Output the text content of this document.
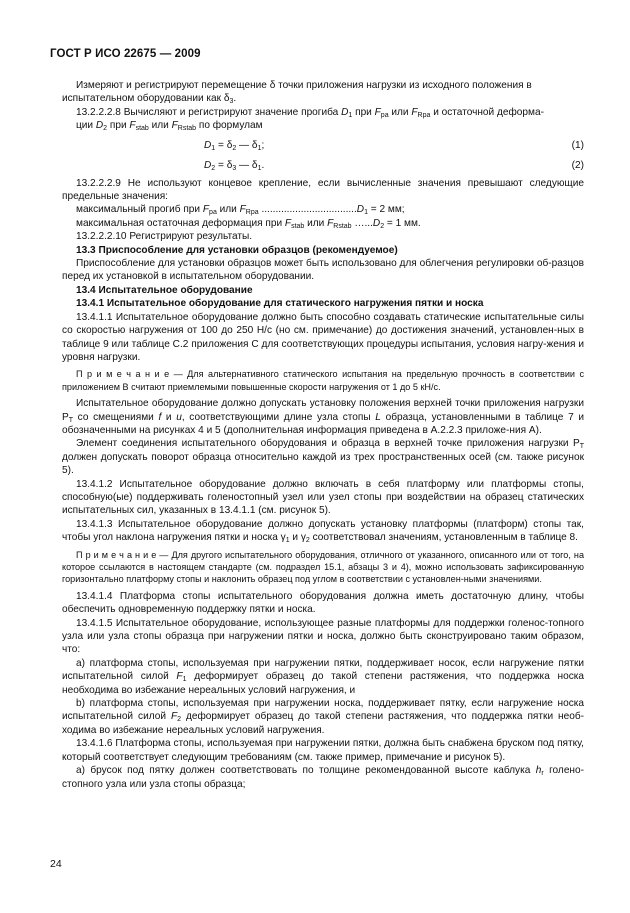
ГОСТ Р ИСО 22675 — 2009

Измеряют и регистрируют перемещение δ точки приложения нагрузки из исходного положения в

испытательном оборудовании как $\delta_3$.

13.2.2.2.8 Вычисляют и регистрируют значение прогиба $D_1$ при $F_{pa}$ или $F_{Rpa}$ и остаточной деформа-

ции $D_2$ при $F_{stab}$ или $F_{Rstab}$ по формулам

$D_1 = \delta_2$ — $\delta_1$;	(1)
$D_2 = \delta_3$ — $\delta_1$.	(2)

13.2.2.2.9 Не используют концевое крепление, если вычисленные значения превышают следующие предельные значения:

максимальный прогиб при $F_{pa}$ или $F_{Rpa}$ $..................................D_1 = 2$ мм;

максимальная остаточная деформация при $F_{stab}$ или $F_{Rstab}$ $\dots...D_2 = 1$ мм.

13.2.2.2.10 Регистрируют результаты.

13.3 Приспособление для установки образцов (рекомендуемое)

Приспособление для установки образцов может быть использовано для облегчения регулировки об-разцов перед их установкой в испытательном оборудовании.

13.4 Испытательное оборудование

13.4.1 Испытательное оборудование для статического нагружения пятки и носка

13.4.1.1 Испытательное оборудование должно быть способно создавать статические испытательные силы со скоростью нагружения от 100 до 250 Н/с (но см. примечание) до достижения значений, установлен-ных в таблице 9 или таблице С.2 приложения С для соответствующих процедуры испытания, условия нагру-жения и уровня нагрузки.

П р и м е ч а н и е — Для альтернативного статического испытания на предельную прочность в соответствии с приложением В считают приемлемыми повышенные скорости нагружения от 1 до 5 кН/с.

Испытательное оборудование должно допускать установку положения верхней точки приложения нагрузки $Р_T$ со смещениями f и u, соответствующими длине узла стопы L образца, установленными в таблице 7 и обозначенными на рисунках 4 и 5 (дополнительная информация приведена в А.2.2.3 приложе-ния А).

Элемент соединения испытательного оборудования и образца в верхней точке приложения нагрузки $Р_T$ должен допускать поворот образца относительно каждой из трех пространственных осей (см. также рисунок 5).

13.4.1.2 Испытательное оборудование должно включать в себя платформу или платформы стопы, способную(ые) поддерживать голеностопный узел или узел стопы при воздействии на образец статических испытательных сил, указанных в 13.4.1.1 (см. рисунок 5).

13.4.1.3 Испытательное оборудование должно допускать установку платформы (платформ) стопы так, чтобы угол наклона нагружения пятки и носка $\gamma_1$ и $\gamma_2$ соответствовал значениям, установленным в таблице 8.

П р и м е ч а н и е — Для другого испытательного оборудования, отличного от указанного, описанного или от того, на которое ссылаются в настоящем стандарте (см. подраздел 15.1, абзацы 3 и 4), можно использовать зафиксированную горизонтально платформу стопы и наклонить образец под углом в соответствии с установлен-ными значениями.

13.4.1.4 Платформа стопы испытательного оборудования должна иметь достаточную длину, чтобы обеспечить одновременную поддержку пятки и носка.

13.4.1.5 Испытательное оборудование, использующее разные платформы для поддержки голенос-топного узла или узла стопы образца при нагружении пятки и носка, должно быть сконструировано таким образом, что:

а) платформа стопы, используемая при нагружении пятки, поддерживает носок, если нагружение пятки испытательной силой $F_1$ деформирует образец до такой степени растяжения, что поддержка носка необходима во избежание нереальных условий нагружения, и

b) платформа стопы, используемая при нагружении носка, поддерживает пятку, если нагружение носка испытательной силой $F_2$ деформирует образец до такой степени растяжения, что поддержка пятки необ-ходима во избежание нереальных условий нагружения.

13.4.1.6 Платформа стопы, используемая при нагружении пятки, должна быть снабжена бруском под пятку, который соответствует следующим требованиям (см. также пример, примечание и рисунок 5).

а) брусок под пятку должен соответствовать по толщине рекомендованной высоте каблука $h_r$ голено-стопного узла или узла стопы образца;

24
